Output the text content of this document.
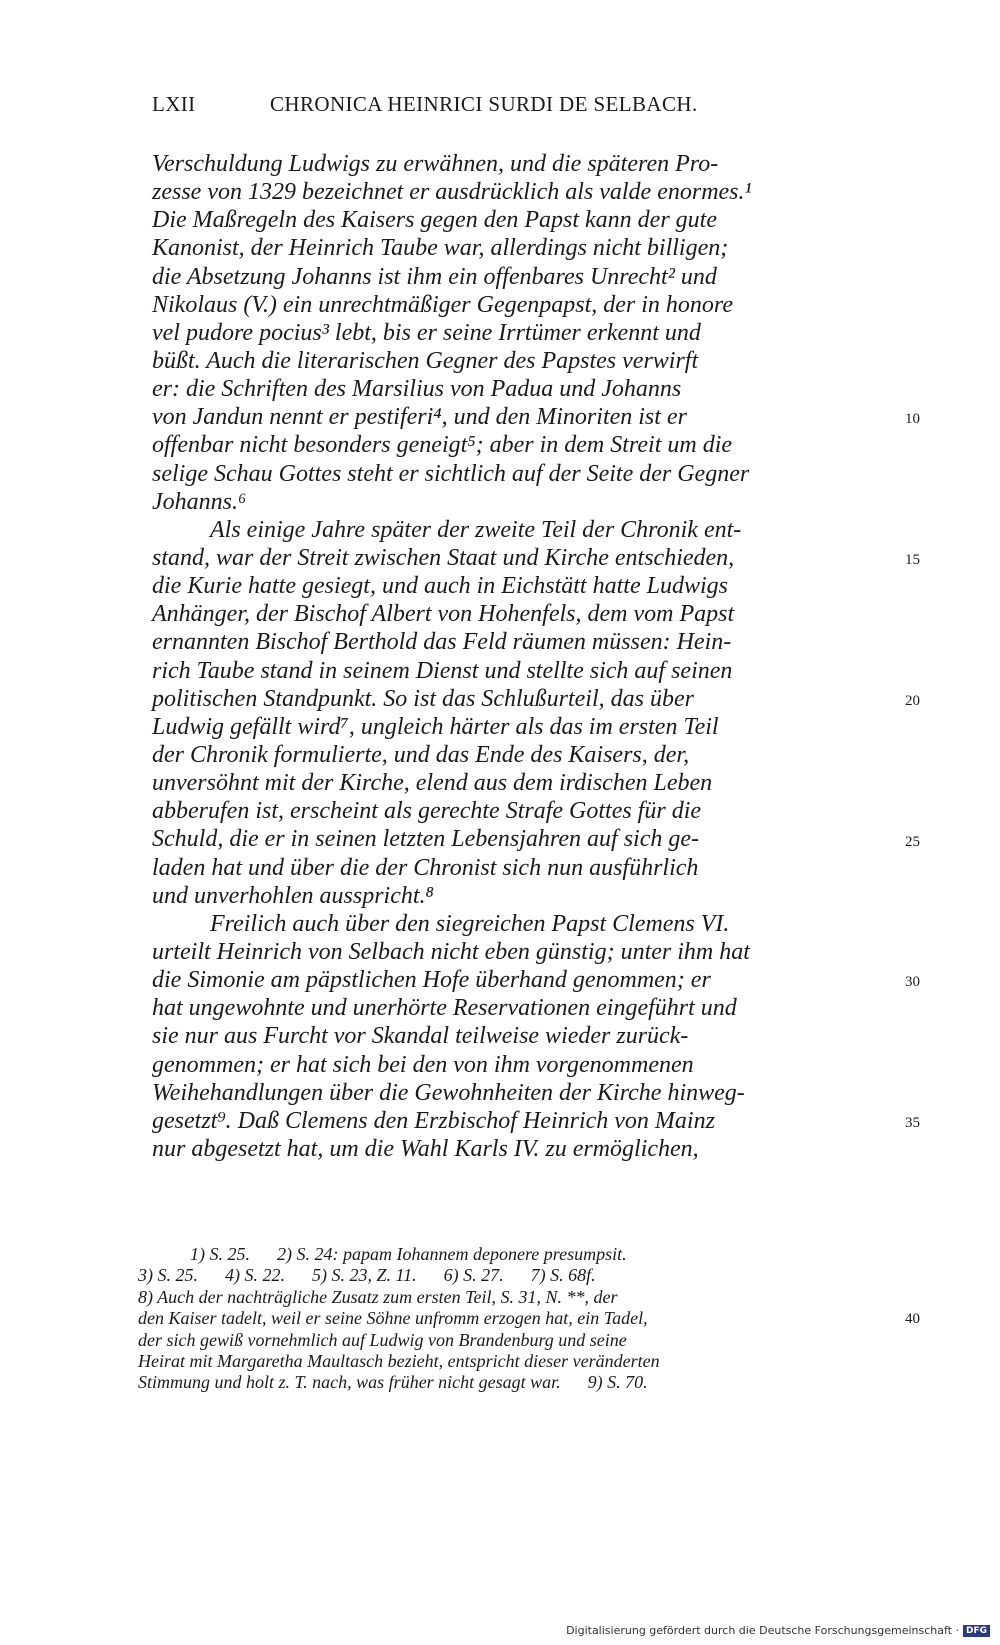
LXII	CHRONICA HEINRICI SURDI DE SELBACH.
Verschuldung Ludwigs zu erwähnen, und die späteren Pro-
zesse von 1329 bezeichnet er ausdrücklich als valde enormes.¹
Die Maßregeln des Kaisers gegen den Papst kann der gute
Kanonist, der Heinrich Taube war, allerdings nicht billigen;
die Absetzung Johanns ist ihm ein offenbares Unrecht² und
Nikolaus (V.) ein unrechtmäßiger Gegenpapst, der in honore
vel pudore pocius³ lebt, bis er seine Irrtümer erkennt und
büßt. Auch die literarischen Gegner des Papstes verwirft
er: die Schriften des Marsilius von Padua und Johanns
von Jandun nennt er pestiferi⁴, und den Minoriten ist er
offenbar nicht besonders geneigt⁵; aber in dem Streit um die
selige Schau Gottes steht er sichtlich auf der Seite der Gegner
Johanns.⁶
Als einige Jahre später der zweite Teil der Chronik ent-
stand, war der Streit zwischen Staat und Kirche entschieden,
die Kurie hatte gesiegt, und auch in Eichstätt hatte Ludwigs
Anhänger, der Bischof Albert von Hohenfels, dem vom Papst
ernannten Bischof Berthold das Feld räumen müssen: Hein-
rich Taube stand in seinem Dienst und stellte sich auf seinen
politischen Standpunkt. So ist das Schlußurteil, das über
Ludwig gefällt wird⁷, ungleich härter als das im ersten Teil
der Chronik formulierte, und das Ende des Kaisers, der,
unversöhnt mit der Kirche, elend aus dem irdischen Leben
abberufen ist, erscheint als gerechte Strafe Gottes für die
Schuld, die er in seinen letzten Lebensjahren auf sich ge-
laden hat und über die der Chronist sich nun ausführlich
und unverhohlen ausspricht.⁸
Freilich auch über den siegreichen Papst Clemens VI.
urteilt Heinrich von Selbach nicht eben günstig; unter ihm hat
die Simonie am päpstlichen Hofe überhand genommen; er
hat ungewohnte und unerhörte Reservationen eingeführt und
sie nur aus Furcht vor Skandal teilweise wieder zurück-
genommen; er hat sich bei den von ihm vorgenommenen
Weihehandlungen über die Gewohnheiten der Kirche hinweg-
gesetzt⁹. Daß Clemens den Erzbischof Heinrich von Mainz
nur abgesetzt hat, um die Wahl Karls IV. zu ermöglichen,
10
15
20
25
30
35
40
1) S. 25.      2) S. 24: papam Iohannem deponere presumpsit.
3) S. 25.      4) S. 22.      5) S. 23, Z. 11.      6) S. 27.      7) S. 68f.
8) Auch der nachträgliche Zusatz zum ersten Teil, S. 31, N. **, der
den Kaiser tadelt, weil er seine Söhne unfromm erzogen hat, ein Tadel,
der sich gewiß vornehmlich auf Ludwig von Brandenburg und seine
Heirat mit Margaretha Maultasch bezieht, entspricht dieser veränderten
Stimmung und holt z. T. nach, was früher nicht gesagt war.      9) S. 70.
Digitalisierung gefördert durch die Deutsche Forschungsgemeinschaft · DFG
